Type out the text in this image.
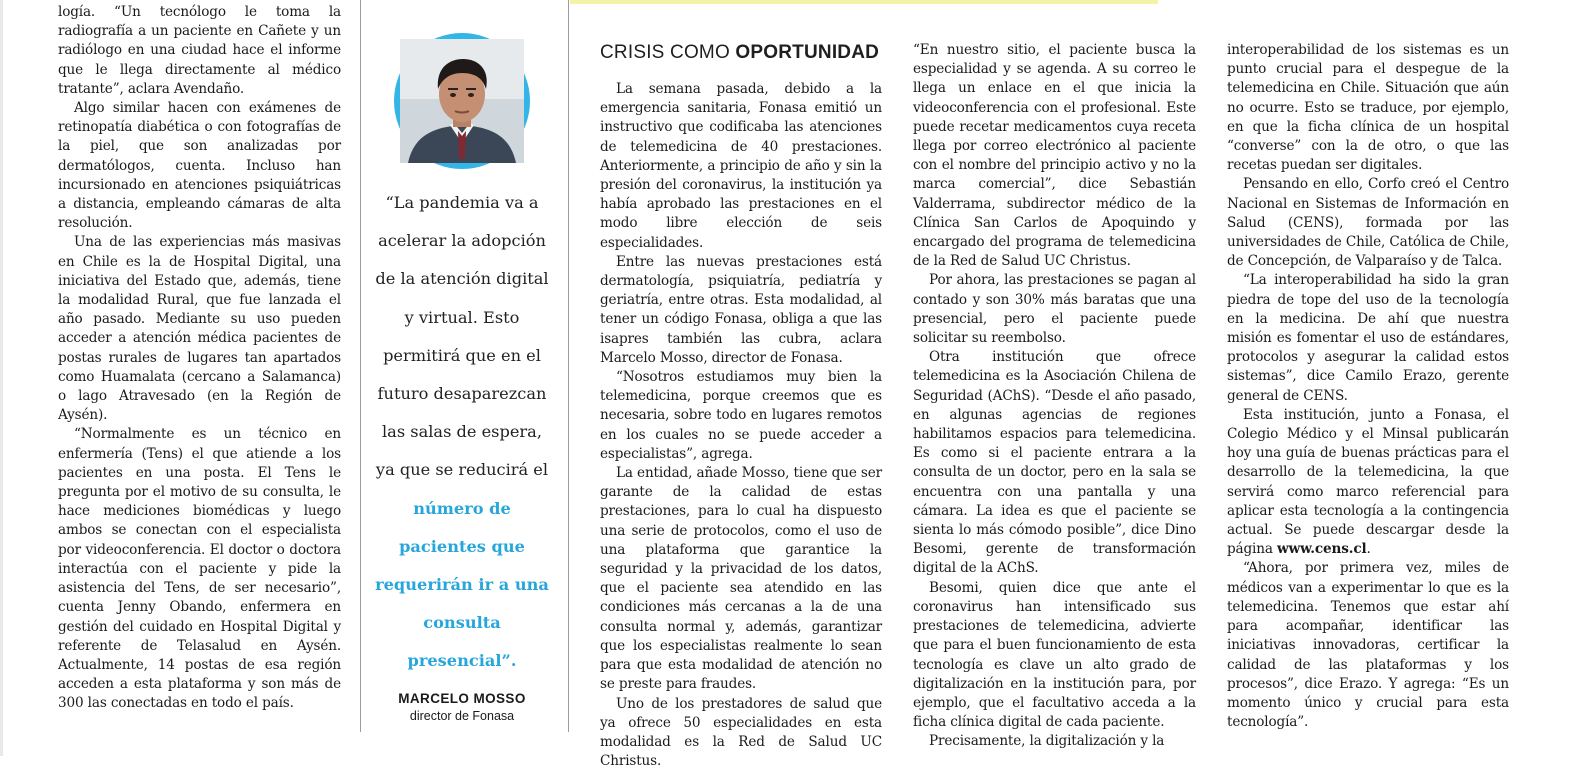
logía. “Un tecnólogo le toma la radiografía a un paciente en Cañete y un radiólogo en una ciudad hace el informe que le llega directamente al médico tratante”, aclara Avendaño.

Algo similar hacen con exámenes de retinopatía diabética o con fotografías de la piel, que son analizadas por dermatólogos, cuenta. Incluso han incursionado en atenciones psiquiátricas a distancia, empleando cámaras de alta resolución.

Una de las experiencias más masivas en Chile es la de Hospital Digital, una iniciativa del Estado que, además, tiene la modalidad Rural, que fue lanzada el año pasado. Mediante su uso pueden acceder a atención médica pacientes de postas rurales de lugares tan apartados como Huamalata (cercano a Salamanca) o lago Atravesado (en la Región de Aysén).

“Normalmente es un técnico en enfermería (Tens) el que atiende a los pacientes en una posta. El Tens le pregunta por el motivo de su consulta, le hace mediciones biomédicas y luego ambos se conectan con el especialista por videoconferencia. El doctor o doctora interactúa con el paciente y pide la asistencia del Tens, de ser necesario”, cuenta Jenny Obando, enfermera en gestión del cuidado en Hospital Digital y referente de Telasalud en Aysén. Actualmente, 14 postas de esa región acceden a esta plataforma y son más de 300 las conectadas en todo el país.

“La pandemia va a acelerar la adopción de la atención digital y virtual. Esto permitirá que en el futuro desaparezcan las salas de espera, ya que se reducirá el número de pacientes que requerirán ir a una consulta presencial”.
MARCELO MOSSO
director de Fonasa
CRISIS COMO OPORTUNIDAD

La semana pasada, debido a la emergencia sanitaria, Fonasa emitió un instructivo que codificaba las atenciones de telemedicina de 40 prestaciones. Anteriormente, a principio de año y sin la presión del coronavirus, la institución ya había aprobado las prestaciones en el modo libre elección de seis especialidades.

Entre las nuevas prestaciones está dermatología, psiquiatría, pediatría y geriatría, entre otras. Esta modalidad, al tener un código Fonasa, obliga a que las isapres también las cubra, aclara Marcelo Mosso, director de Fonasa.

“Nosotros estudiamos muy bien la telemedicina, porque creemos que es necesaria, sobre todo en lugares remotos en los cuales no se puede acceder a especialistas”, agrega.

La entidad, añade Mosso, tiene que ser garante de la calidad de estas prestaciones, para lo cual ha dispuesto una serie de protocolos, como el uso de una plataforma que garantice la seguridad y la privacidad de los datos, que el paciente sea atendido en las condiciones más cercanas a la de una consulta normal y, además, garantizar que los especialistas realmente lo sean para que esta modalidad de atención no se preste para fraudes.

Uno de los prestadores de salud que ya ofrece 50 especialidades en esta modalidad es la Red de Salud UC Christus.

“En nuestro sitio, el paciente busca la especialidad y se agenda. A su correo le llega un enlace en el que inicia la videoconferencia con el profesional. Este puede recetar medicamentos cuya receta llega por correo electrónico al paciente con el nombre del principio activo y no la marca comercial”, dice Sebastián Valderrama, subdirector médico de la Clínica San Carlos de Apoquindo y encargado del programa de telemedicina de la Red de Salud UC Christus.

Por ahora, las prestaciones se pagan al contado y son 30% más baratas que una presencial, pero el paciente puede solicitar su reembolso.

Otra institución que ofrece telemedicina es la Asociación Chilena de Seguridad (AChS). “Desde el año pasado, en algunas agencias de regiones habilitamos espacios para telemedicina. Es como si el paciente entrara a la consulta de un doctor, pero en la sala se encuentra con una pantalla y una cámara. La idea es que el paciente se sienta lo más cómodo posible”, dice Dino Besomi, gerente de transformación digital de la AChS.

Besomi, quien dice que ante el coronavirus han intensificado sus prestaciones de telemedicina, advierte que para el buen funcionamiento de esta tecnología es clave un alto grado de digitalización en la institución para, por ejemplo, que el facultativo acceda a la ficha clínica digital de cada paciente.

Precisamente, la digitalización y la

interoperabilidad de los sistemas es un punto crucial para el despegue de la telemedicina en Chile. Situación que aún no ocurre. Esto se traduce, por ejemplo, en que la ficha clínica de un hospital “converse” con la de otro, o que las recetas puedan ser digitales.

Pensando en ello, Corfo creó el Centro Nacional en Sistemas de Información en Salud (CENS), formada por las universidades de Chile, Católica de Chile, de Concepción, de Valparaíso y de Talca.

“La interoperabilidad ha sido la gran piedra de tope del uso de la tecnología en la medicina. De ahí que nuestra misión es fomentar el uso de estándares, protocolos y asegurar la calidad estos sistemas”, dice Camilo Erazo, gerente general de CENS.

Esta institución, junto a Fonasa, el Colegio Médico y el Minsal publicarán hoy una guía de buenas prácticas para el desarrollo de la telemedicina, la que servirá como marco referencial para aplicar esta tecnología a la contingencia actual. Se puede descargar desde la página www.cens.cl.

“Ahora, por primera vez, miles de médicos van a experimentar lo que es la telemedicina. Tenemos que estar ahí para acompañar, identificar las iniciativas innovadoras, certificar la calidad de las plataformas y los procesos”, dice Erazo. Y agrega: “Es un momento único y crucial para esta tecnología”.
